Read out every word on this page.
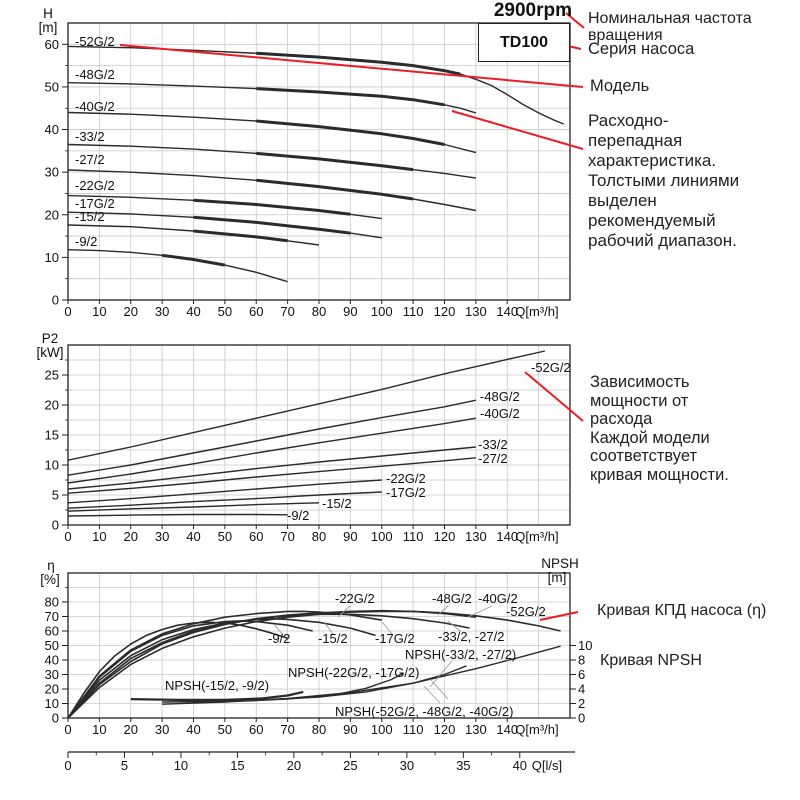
0 10 20 30 40 50 60 70 80 90 100 110 120 130 140
Q[m³/h]
0
10
20
30
40
50
60
H
[m]
-52G/2
-48G/2
-40G/2
-33/2
-27/2
-22G/2
-17G/2
-15/2
-9/2
0 10 20 30 40 50 60 70 80 90 100 110 120 130 140
Q[m³/h]
0
5
10
15
20
25
P2
[kW]
-52G/2
-48G/2
-40G/2
-33/2
-27/2
-22G/2
-17G/2
-15/2
-9/2
0 10 20 30 40 50 60 70 80 90 100 110 120 130 140
Q[m³/h]
0
10
20
30
40
50
60
70
80
η
[%]
0
2
4
6
8
10
NPSH
[m]
0	5	10	15	20	25	30	35	40 Q[l/s]
-22G/2	-48G/2 -40G/2
-52G/2
-9/2 -15/2 -17G/2 -33/2, -27/2
NPSH(-33/2, -27/2)
NPSH(-22G/2, -17G/2)
NPSH(-15/2, -9/2)
NPSH(-52G/2, -48G/2, -40G/2)
2900rpm
TD100
Номинальная частота
вращения
Серия насоса
Модель
Расходно-
перепадная
характеристика.
Толстыми линиями
выделен
рекомендуемый
рабочий диапазон.
Зависимость
мощности от
расхода
Каждой модели
соответствует
кривая мощности.
Кривая КПД насоса (η)
Кривая NPSH
